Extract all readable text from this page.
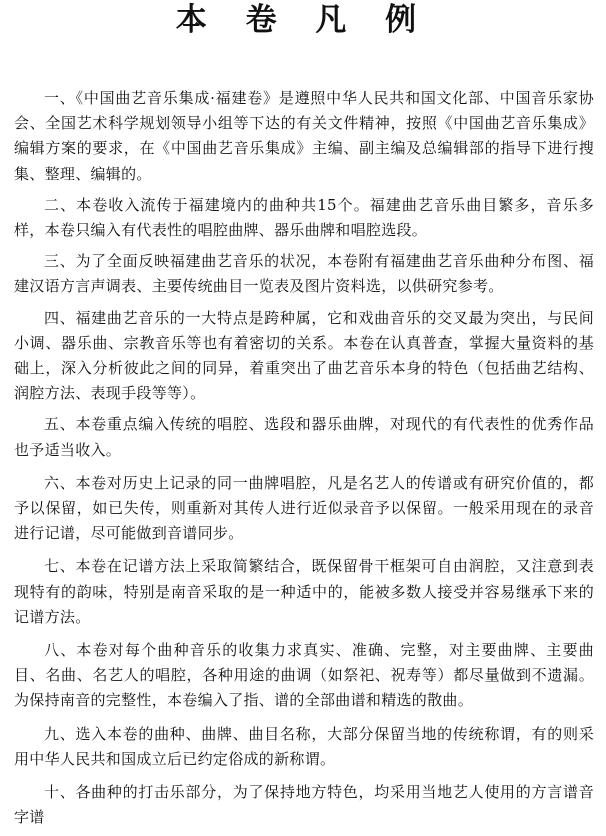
本 卷 凡 例

一、《中国曲艺音乐集成·福建卷》是遵照中华人民共和国文化部、中国音乐家协会、全国艺术科学规划领导小组等下达的有关文件精神，按照《中国曲艺音乐集成》编辑方案的要求，在《中国曲艺音乐集成》主编、副主编及总编辑部的指导下进行搜集、整理、编辑的。

二、本卷收入流传于福建境内的曲种共15个。福建曲艺音乐曲目繁多，音乐多样，本卷只编入有代表性的唱腔曲牌、器乐曲牌和唱腔选段。

三、为了全面反映福建曲艺音乐的状况，本卷附有福建曲艺音乐曲种分布图、福建汉语方言声调表、主要传统曲目一览表及图片资料选，以供研究参考。

四、福建曲艺音乐的一大特点是跨种属，它和戏曲音乐的交叉最为突出，与民间小调、器乐曲、宗教音乐等也有着密切的关系。本卷在认真普查，掌握大量资料的基础上，深入分析彼此之间的同异，着重突出了曲艺音乐本身的特色（包括曲艺结构、润腔方法、表现手段等等）。

五、本卷重点编入传统的唱腔、选段和器乐曲牌，对现代的有代表性的优秀作品也予适当收入。

六、本卷对历史上记录的同一曲牌唱腔，凡是名艺人的传谱或有研究价值的，都予以保留，如已失传，则重新对其传人进行近似录音予以保留。一般采用现在的录音进行记谱，尽可能做到音谱同步。

七、本卷在记谱方法上采取简繁结合，既保留骨干框架可自由润腔，又注意到表现特有的韵味，特别是南音采取的是一种适中的，能被多数人接受并容易继承下来的记谱方法。

八、本卷对每个曲种音乐的收集力求真实、准确、完整，对主要曲牌、主要曲目、名曲、名艺人的唱腔，各种用途的曲调（如祭祀、祝寿等）都尽量做到不遗漏。为保持南音的完整性，本卷编入了指、谱的全部曲谱和精选的散曲。

九、选入本卷的曲种、曲牌、曲目名称，大部分保留当地的传统称谓，有的则采用中华人民共和国成立后已约定俗成的新称谓。

十、各曲种的打击乐部分，为了保持地方特色，均采用当地艺人使用的方言谱音字谱
